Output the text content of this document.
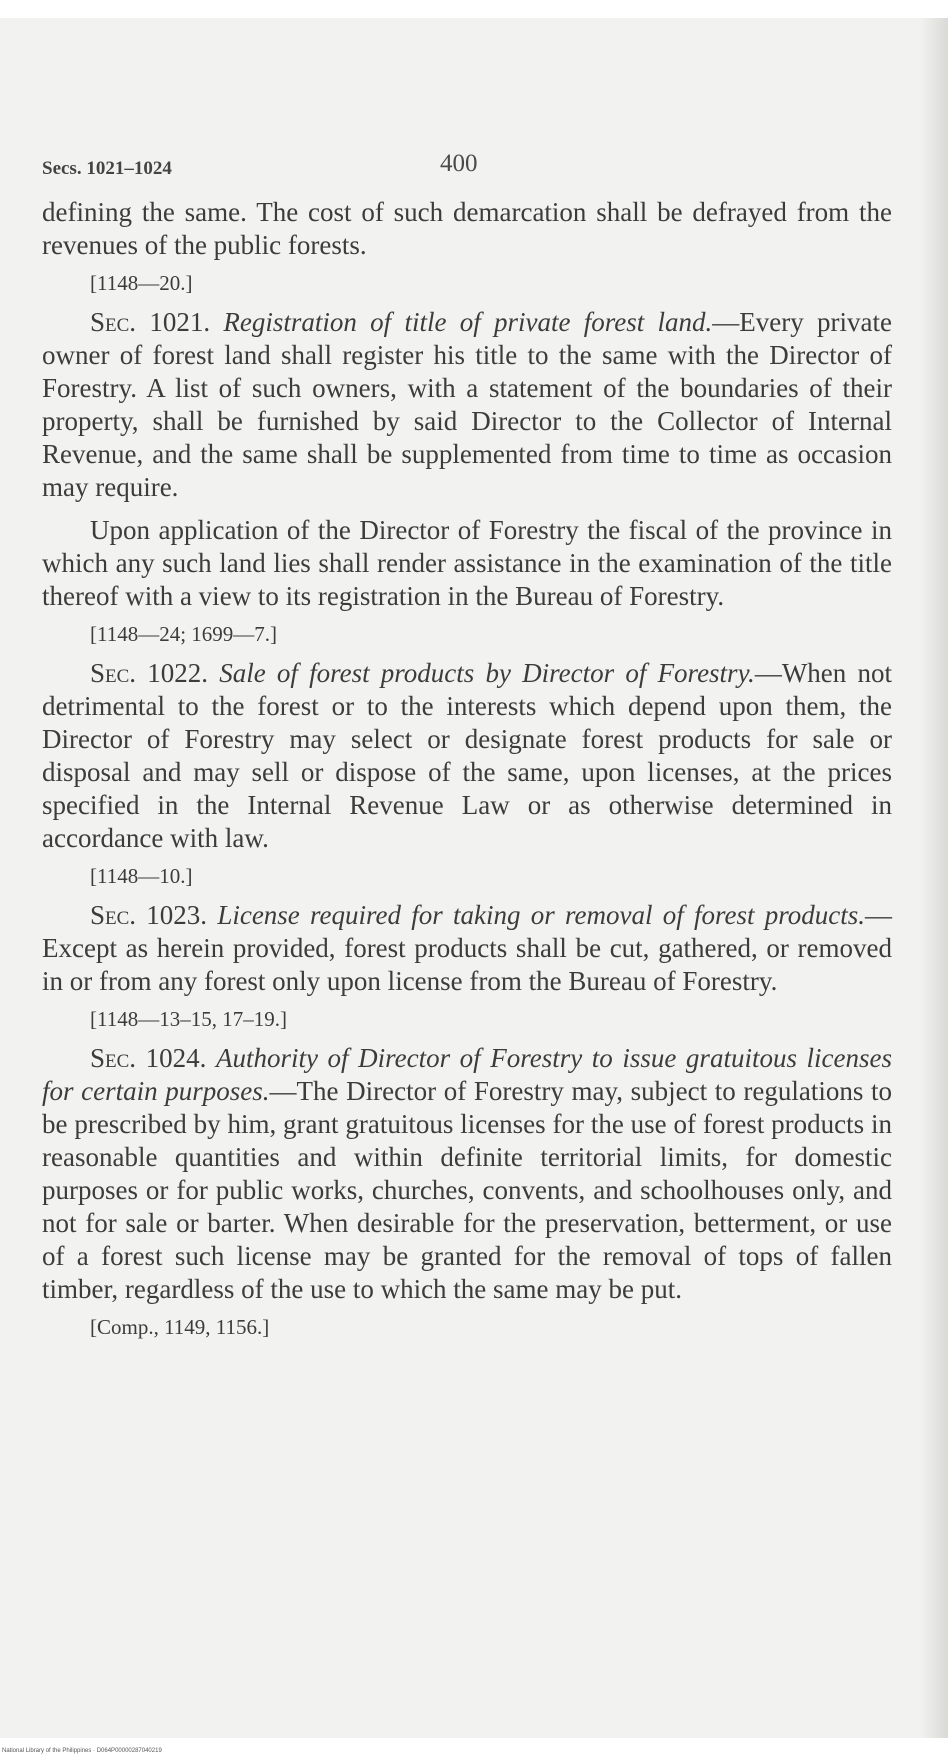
Secs. 1021–1024	400

defining the same. The cost of such demarcation shall be defrayed from the revenues of the public forests.

[1148—20.]

Sec. 1021. Registration of title of private forest land.—Every private owner of forest land shall register his title to the same with the Director of Forestry. A list of such owners, with a statement of the boundaries of their property, shall be furnished by said Director to the Collector of Internal Revenue, and the same shall be supplemented from time to time as occasion may require.

Upon application of the Director of Forestry the fiscal of the province in which any such land lies shall render assistance in the examination of the title thereof with a view to its registration in the Bureau of Forestry.

[1148—24; 1699—7.]

Sec. 1022. Sale of forest products by Director of Forestry.—When not detrimental to the forest or to the interests which depend upon them, the Director of Forestry may select or designate forest products for sale or disposal and may sell or dispose of the same, upon licenses, at the prices specified in the Internal Revenue Law or as otherwise determined in accordance with law.

[1148—10.]

Sec. 1023. License required for taking or removal of forest products.—Except as herein provided, forest products shall be cut, gathered, or removed in or from any forest only upon license from the Bureau of Forestry.

[1148—13–15, 17–19.]

Sec. 1024. Authority of Director of Forestry to issue gratuitous licenses for certain purposes.—The Director of Forestry may, subject to regulations to be prescribed by him, grant gratuitous licenses for the use of forest products in reasonable quantities and within definite territorial limits, for domestic purposes or for public works, churches, convents, and schoolhouses only, and not for sale or barter. When desirable for the preservation, betterment, or use of a forest such license may be granted for the removal of tops of fallen timber, regardless of the use to which the same may be put.

[Comp., 1149, 1156.]

National Library of the Philippines · D064P00000287040219
